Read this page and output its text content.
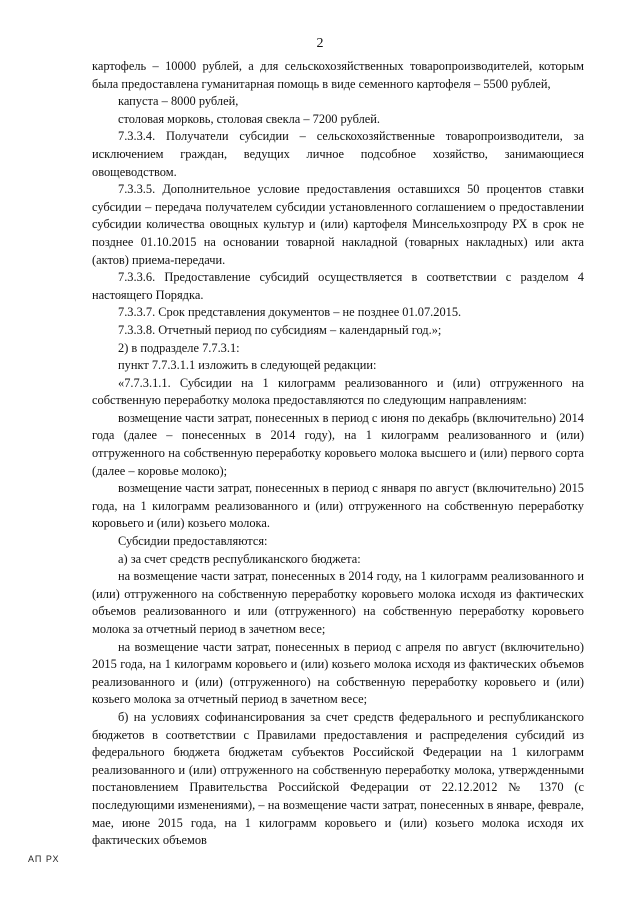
2

картофель – 10000 рублей, а для сельскохозяйственных товаропроизводителей, которым была предоставлена гуманитарная помощь в виде семенного картофеля – 5500 рублей,

капуста – 8000 рублей,

столовая морковь, столовая свекла – 7200 рублей.

7.3.3.4. Получатели субсидии – сельскохозяйственные товаропроизводители, за исключением граждан, ведущих личное подсобное хозяйство, занимающиеся овощеводством.

7.3.3.5. Дополнительное условие предоставления оставшихся 50 процентов ставки субсидии – передача получателем субсидии установленного соглашением о предоставлении субсидии количества овощных культур и (или) картофеля Минсельхозпроду РХ в срок не позднее 01.10.2015 на основании товарной накладной (товарных накладных) или акта (актов) приема-передачи.

7.3.3.6. Предоставление субсидий осуществляется в соответствии с разделом 4 настоящего Порядка.

7.3.3.7. Срок представления документов – не позднее 01.07.2015.

7.3.3.8. Отчетный период по субсидиям – календарный год.»;

2) в подразделе 7.7.3.1:

пункт 7.7.3.1.1 изложить в следующей редакции:

«7.7.3.1.1. Субсидии на 1 килограмм реализованного и (или) отгруженного на собственную переработку молока предоставляются по следующим направлениям:

возмещение части затрат, понесенных в период с июня по декабрь (включительно) 2014 года (далее – понесенных в 2014 году), на 1 килограмм реализованного и (или) отгруженного на собственную переработку коровьего молока высшего и (или) первого сорта (далее – коровье молоко);

возмещение части затрат, понесенных в период с января по август (включительно) 2015 года, на 1 килограмм реализованного и (или) отгруженного на собственную переработку коровьего и (или) козьего молока.

Субсидии предоставляются:

а) за счет средств республиканского бюджета:

на возмещение части затрат, понесенных в 2014 году, на 1 килограмм реализованного и (или) отгруженного на собственную переработку коровьего молока исходя из фактических объемов реализованного и или (отгруженного) на собственную переработку коровьего молока за отчетный период в зачетном весе;

на возмещение части затрат, понесенных в период с апреля по август (включительно) 2015 года, на 1 килограмм коровьего и (или) козьего молока исходя из фактических объемов реализованного и (или) (отгруженного) на собственную переработку коровьего и (или) козьего молока за отчетный период в зачетном весе;

б) на условиях софинансирования за счет средств федерального и республиканского бюджетов в соответствии с Правилами предоставления и распределения субсидий из федерального бюджета бюджетам субъектов Российской Федерации на 1 килограмм реализованного и (или) отгруженного на собственную переработку молока, утвержденными постановлением Правительства Российской Федерации от 22.12.2012 № 1370 (с последующими изменениями), – на возмещение части затрат, понесенных в январе, феврале, мае, июне 2015 года, на 1 килограмм коровьего и (или) козьего молока исходя их фактических объемов

АП РХ
